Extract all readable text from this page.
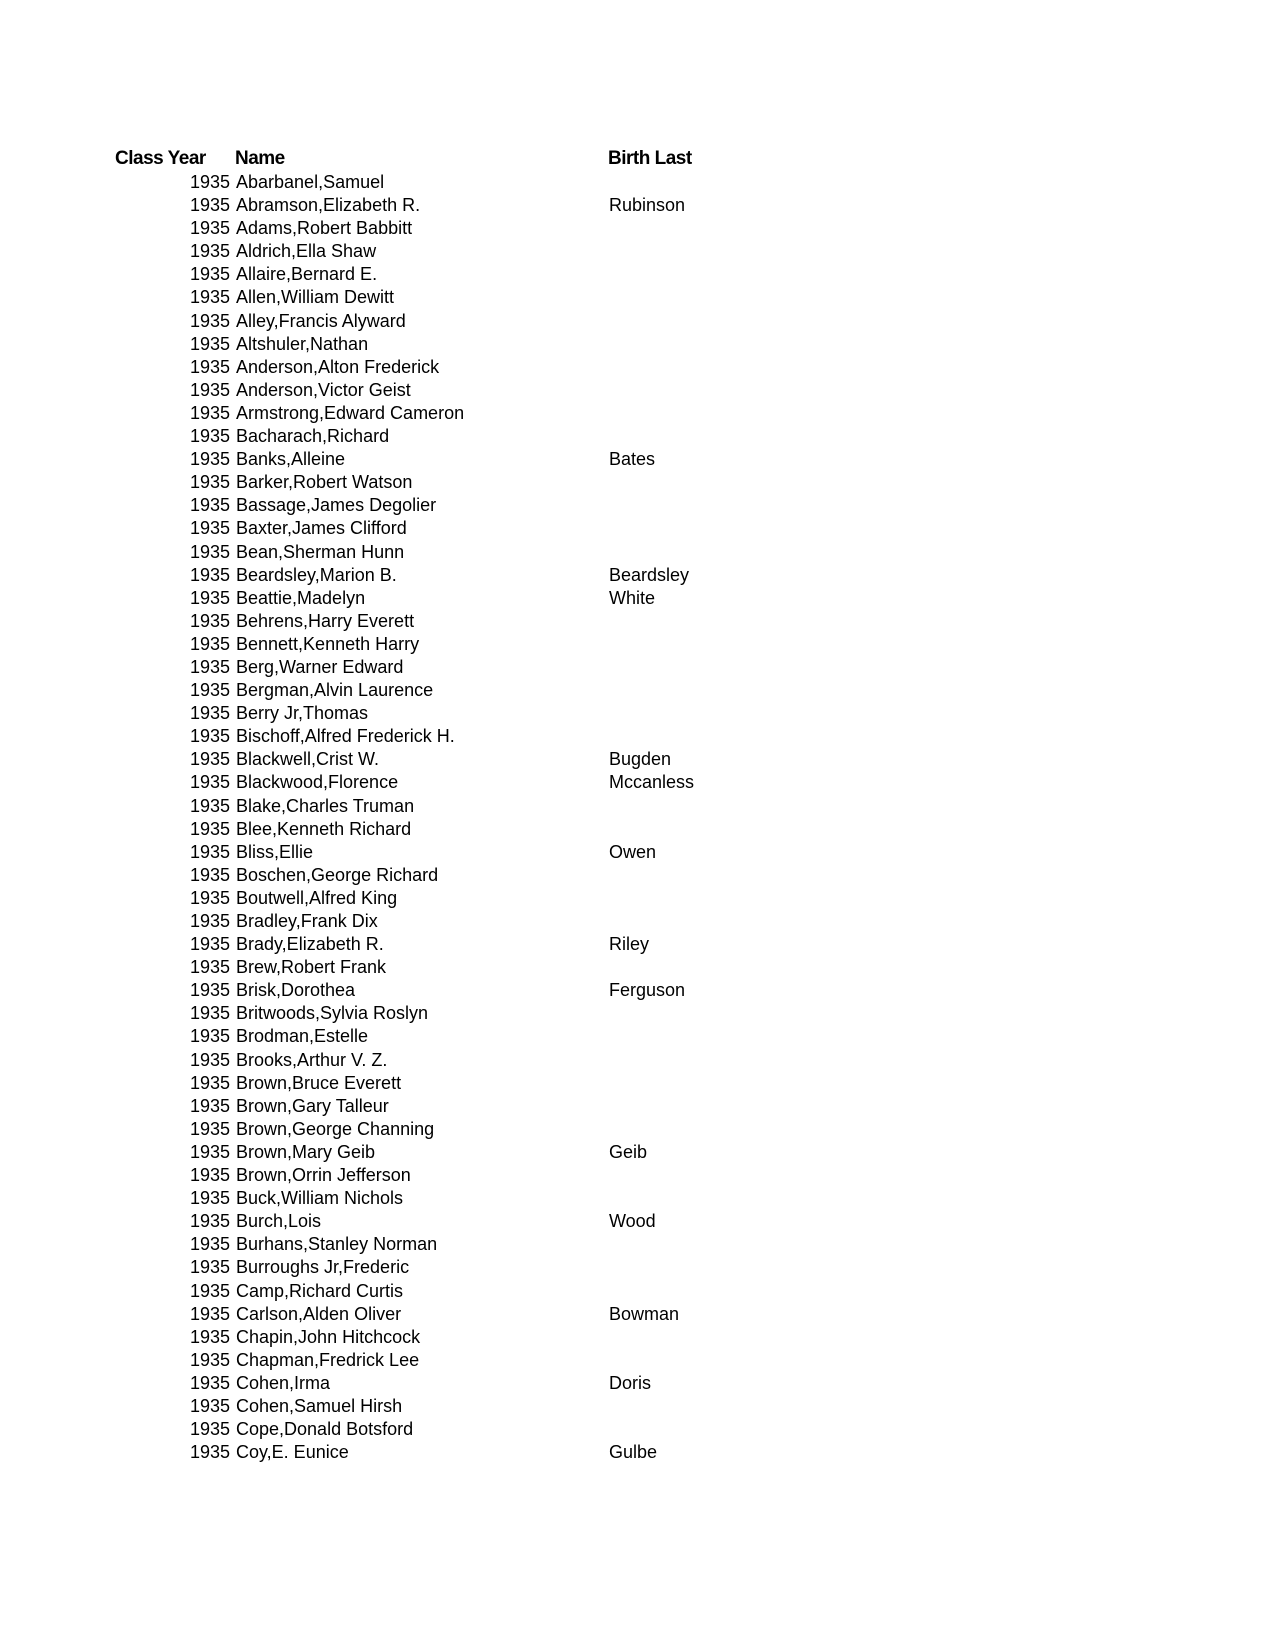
Class Year Name	Birth Last
1935 Abarbanel,Samuel
1935 Abramson,Elizabeth R.	Rubinson
1935 Adams,Robert Babbitt
1935 Aldrich,Ella Shaw
1935 Allaire,Bernard E.
1935 Allen,William Dewitt
1935 Alley,Francis Alyward
1935 Altshuler,Nathan
1935 Anderson,Alton Frederick
1935 Anderson,Victor Geist
1935 Armstrong,Edward Cameron
1935 Bacharach,Richard
1935 Banks,Alleine	Bates
1935 Barker,Robert Watson
1935 Bassage,James Degolier
1935 Baxter,James Clifford
1935 Bean,Sherman Hunn
1935 Beardsley,Marion B.	Beardsley
1935 Beattie,Madelyn	White
1935 Behrens,Harry Everett
1935 Bennett,Kenneth Harry
1935 Berg,Warner Edward
1935 Bergman,Alvin Laurence
1935 Berry Jr,Thomas
1935 Bischoff,Alfred Frederick H.
1935 Blackwell,Crist W.	Bugden
1935 Blackwood,Florence	Mccanless
1935 Blake,Charles Truman
1935 Blee,Kenneth Richard
1935 Bliss,Ellie	Owen
1935 Boschen,George Richard
1935 Boutwell,Alfred King
1935 Bradley,Frank Dix
1935 Brady,Elizabeth R.	Riley
1935 Brew,Robert Frank
1935 Brisk,Dorothea	Ferguson
1935 Britwoods,Sylvia Roslyn
1935 Brodman,Estelle
1935 Brooks,Arthur V. Z.
1935 Brown,Bruce Everett
1935 Brown,Gary Talleur
1935 Brown,George Channing
1935 Brown,Mary Geib	Geib
1935 Brown,Orrin Jefferson
1935 Buck,William Nichols
1935 Burch,Lois	Wood
1935 Burhans,Stanley Norman
1935 Burroughs Jr,Frederic
1935 Camp,Richard Curtis
1935 Carlson,Alden Oliver	Bowman
1935 Chapin,John Hitchcock
1935 Chapman,Fredrick Lee
1935 Cohen,Irma	Doris
1935 Cohen,Samuel Hirsh
1935 Cope,Donald Botsford
1935 Coy,E. Eunice	Gulbe
